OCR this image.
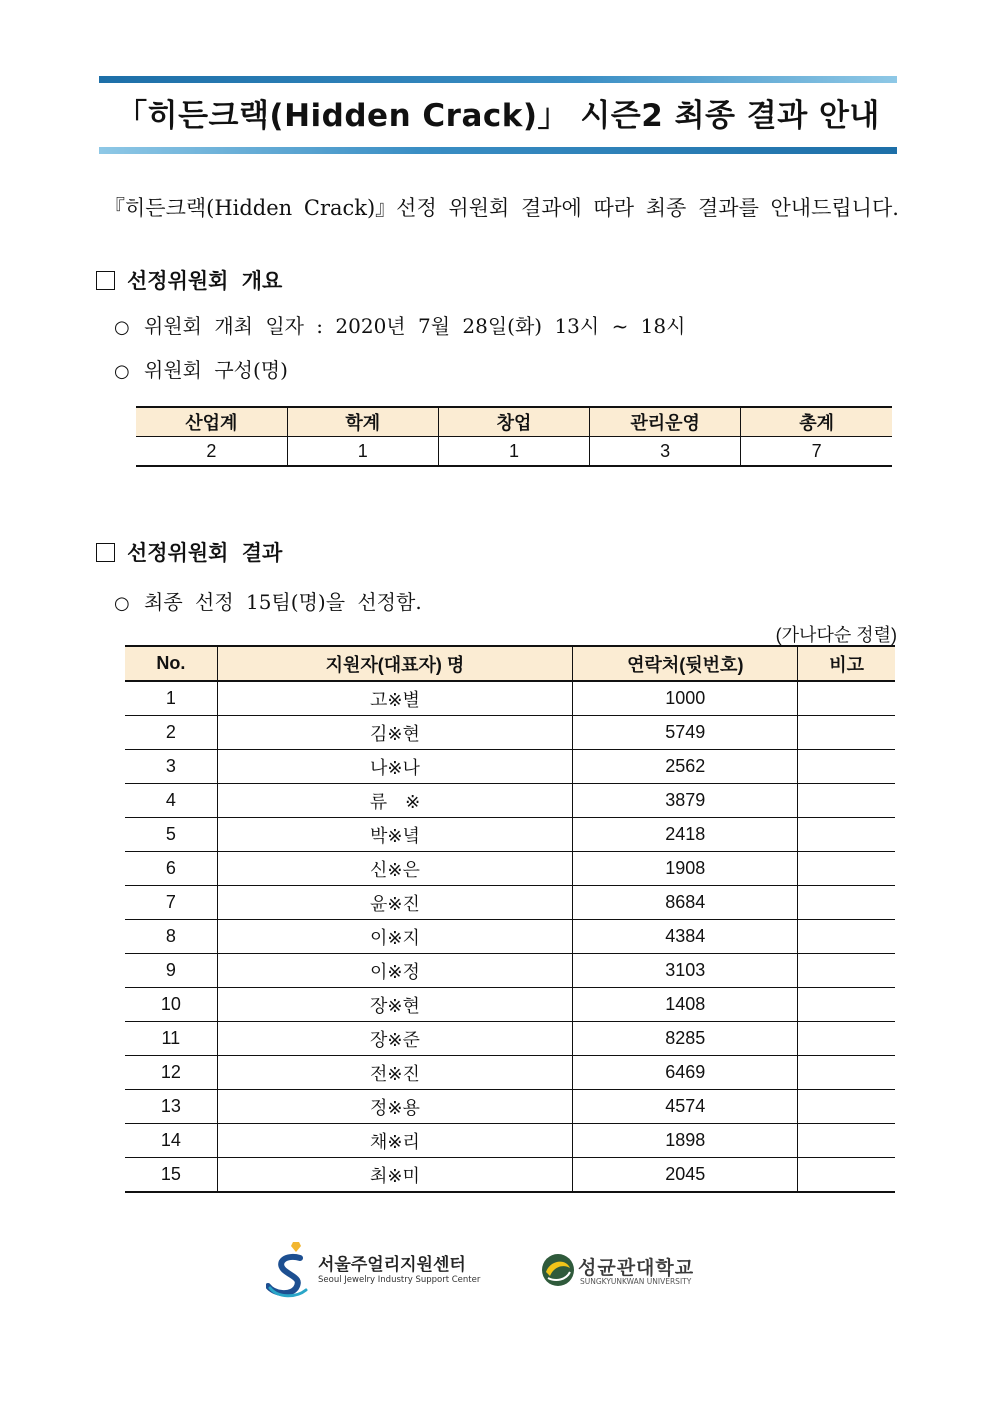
「히든크랙(Hidden Crack)」 시즌2 최종 결과 안내
『히든크랙(Hidden Crack)』선정 위원회 결과에 따라 최종 결과를 안내드립니다.
선정위원회 개요
○ 위원회 개최 일자 : 2020년 7월 28일(화) 13시 ~ 18시
○ 위원회 구성(명)
산업계	학계	창업	관리운영	총계
2	1	1	3	7
선정위원회 결과
○ 최종 선정 15팀(명)을 선정함.
(가나다순 정렬)
No.	지원자(대표자) 명	연락처(뒷번호)	비고
1	고※별	1000	
2	김※현	5749	
3	나※나	2562	
4	류　※	3879	
5	박※녘	2418	
6	신※은	1908	
7	윤※진	8684	
8	이※지	4384	
9	이※정	3103	
10	장※현	1408	
11	장※준	8285	
12	전※진	6469	
13	정※용	4574	
14	채※리	1898	
15	최※미	2045	
서울주얼리지원센터
Seoul Jewelry Industry Support Center
성균관대학교
SUNGKYUNKWAN UNIVERSITY
